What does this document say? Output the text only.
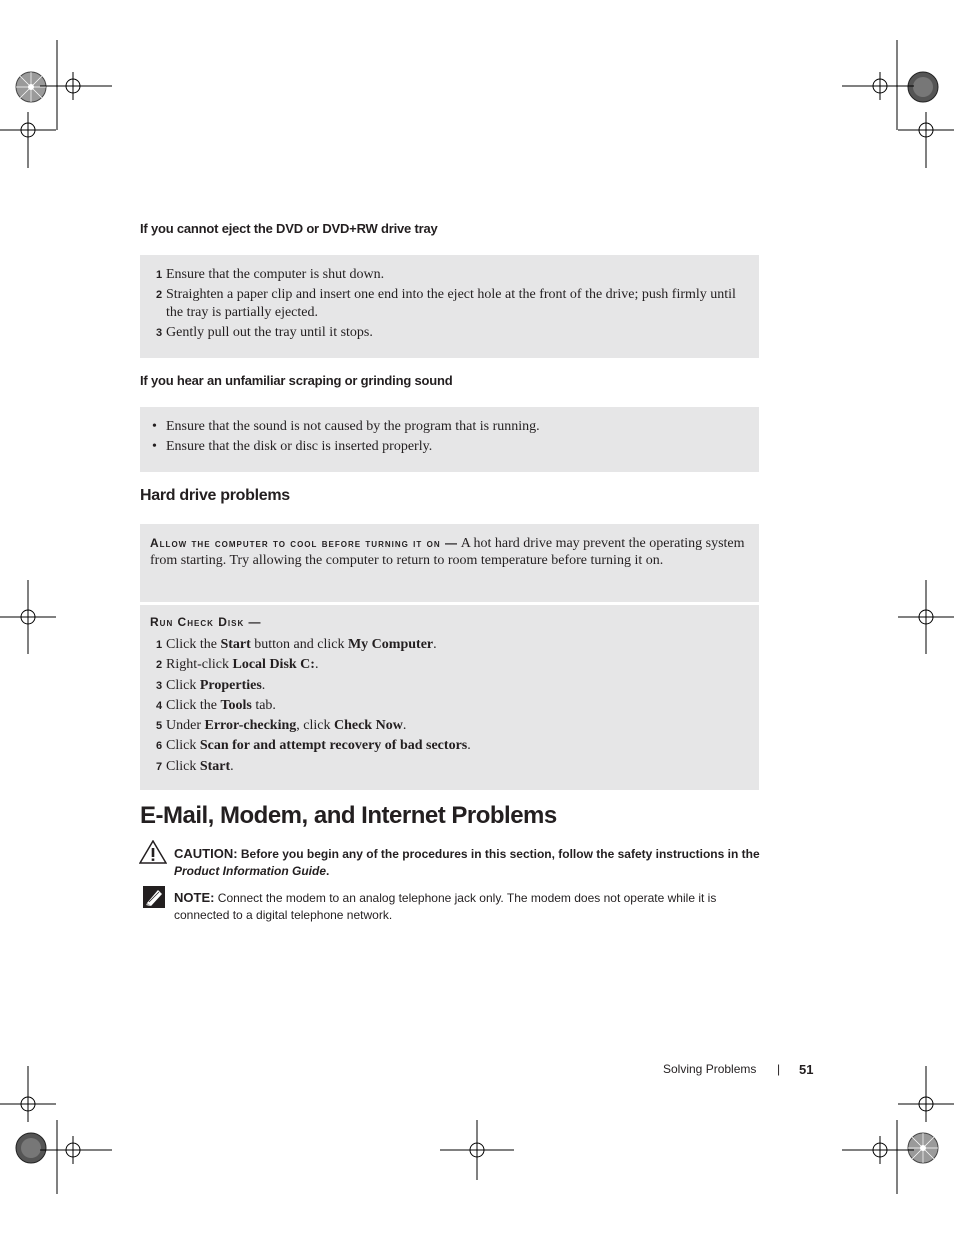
If you cannot eject the DVD or DVD+RW drive tray
1 Ensure that the computer is shut down.
2 Straighten a paper clip and insert one end into the eject hole at the front of the drive; push firmly until the tray is partially ejected.
3 Gently pull out the tray until it stops.
If you hear an unfamiliar scraping or grinding sound
• Ensure that the sound is not caused by the program that is running.
• Ensure that the disk or disc is inserted properly.
Hard drive problems
Allow the computer to cool before turning it on — A hot hard drive may prevent the operating system from starting. Try allowing the computer to return to room temperature before turning it on.
Run Check Disk —
1 Click the Start button and click My Computer.
2 Right-click Local Disk C:.
3 Click Properties.
4 Click the Tools tab.
5 Under Error-checking, click Check Now.
6 Click Scan for and attempt recovery of bad sectors.
7 Click Start.
E-Mail, Modem, and Internet Problems
CAUTION: Before you begin any of the procedures in this section, follow the safety instructions in the Product Information Guide.
NOTE: Connect the modem to an analog telephone jack only. The modem does not operate while it is connected to a digital telephone network.
Solving Problems | 51
